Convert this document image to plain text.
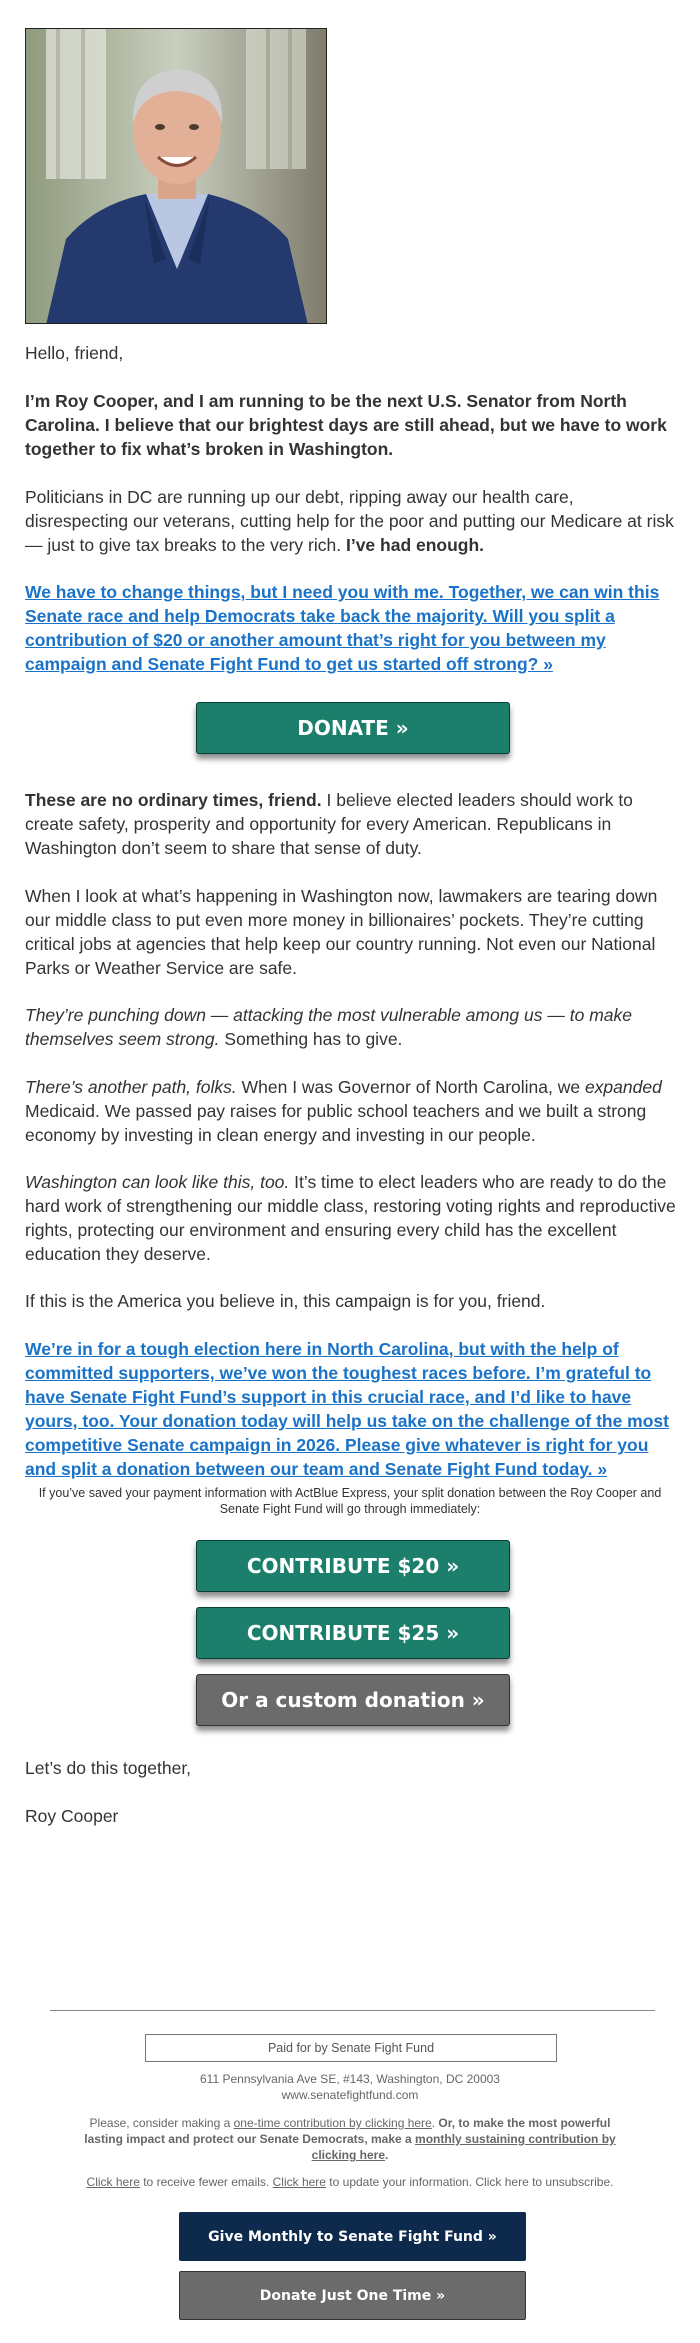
Hello, friend,

I’m Roy Cooper, and I am running to be the next U.S. Senator from North Carolina. I believe that our brightest days are still ahead, but we have to work together to fix what’s broken in Washington.

Politicians in DC are running up our debt, ripping away our health care, disrespecting our veterans, cutting help for the poor and putting our Medicare at risk — just to give tax breaks to the very rich. I’ve had enough.

We have to change things, but I need you with me. Together, we can win this Senate race and help Democrats take back the majority. Will you split a contribution of $20 or another amount that’s right for you between my campaign and Senate Fight Fund to get us started off strong? »

DONATE »

These are no ordinary times, friend. I believe elected leaders should work to create safety, prosperity and opportunity for every American. Republicans in Washington don’t seem to share that sense of duty.

When I look at what’s happening in Washington now, lawmakers are tearing down our middle class to put even more money in billionaires’ pockets. They’re cutting critical jobs at agencies that help keep our country running. Not even our National Parks or Weather Service are safe.

They’re punching down — attacking the most vulnerable among us — to make themselves seem strong. Something has to give.

There’s another path, folks. When I was Governor of North Carolina, we expanded Medicaid. We passed pay raises for public school teachers and we built a strong economy by investing in clean energy and investing in our people.

Washington can look like this, too. It’s time to elect leaders who are ready to do the hard work of strengthening our middle class, restoring voting rights and reproductive rights, protecting our environment and ensuring every child has the excellent education they deserve.

If this is the America you believe in, this campaign is for you, friend.

We’re in for a tough election here in North Carolina, but with the help of committed supporters, we’ve won the toughest races before. I’m grateful to have Senate Fight Fund’s support in this crucial race, and I’d like to have yours, too. Your donation today will help us take on the challenge of the most competitive Senate campaign in 2026. Please give whatever is right for you and split a donation between our team and Senate Fight Fund today. »

If you’ve saved your payment information with ActBlue Express, your split donation between the Roy Cooper and Senate Fight Fund will go through immediately:
CONTRIBUTE $20 »
CONTRIBUTE $25 »
Or a custom donation »

Let’s do this together,

Roy Cooper

Paid for by Senate Fight Fund
611 Pennsylvania Ave SE, #143, Washington, DC 20003
www.senatefightfund.com
Please, consider making a one-time contribution by clicking here. Or, to make the most powerful lasting impact and protect our Senate Democrats, make a monthly sustaining contribution by clicking here.
Click here to receive fewer emails. Click here to update your information. Click here to unsubscribe.
Give Monthly to Senate Fight Fund »
Donate Just One Time »
